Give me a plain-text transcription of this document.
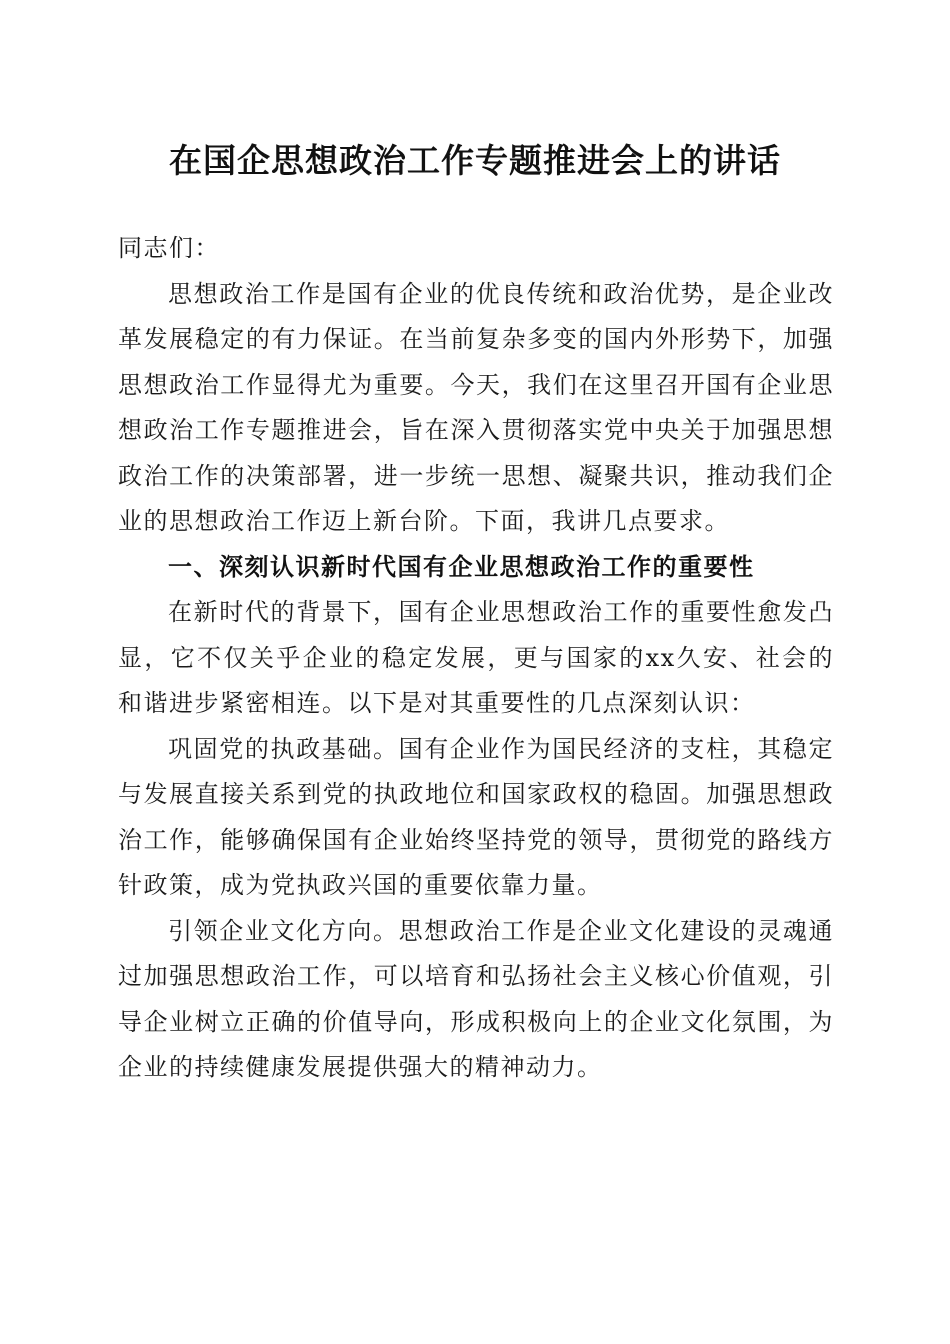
在国企思想政治工作专题推进会上的讲话

同志们：

思想政治工作是国有企业的优良传统和政治优势，是企业改革发展稳定的有力保证。在当前复杂多变的国内外形势下，加强思想政治工作显得尤为重要。今天，我们在这里召开国有企业思想政治工作专题推进会，旨在深入贯彻落实党中央关于加强思想政治工作的决策部署，进一步统一思想、凝聚共识，推动我们企业的思想政治工作迈上新台阶。下面，我讲几点要求。

一、深刻认识新时代国有企业思想政治工作的重要性

在新时代的背景下，国有企业思想政治工作的重要性愈发凸显，它不仅关乎企业的稳定发展，更与国家的xx久安、社会的和谐进步紧密相连。以下是对其重要性的几点深刻认识：

巩固党的执政基础。国有企业作为国民经济的支柱，其稳定与发展直接关系到党的执政地位和国家政权的稳固。加强思想政治工作，能够确保国有企业始终坚持党的领导，贯彻党的路线方针政策，成为党执政兴国的重要依靠力量。

引领企业文化方向。思想政治工作是企业文化建设的灵魂通过加强思想政治工作，可以培育和弘扬社会主义核心价值观，引导企业树立正确的价值导向，形成积极向上的企业文化氛围，为企业的持续健康发展提供强大的精神动力。
